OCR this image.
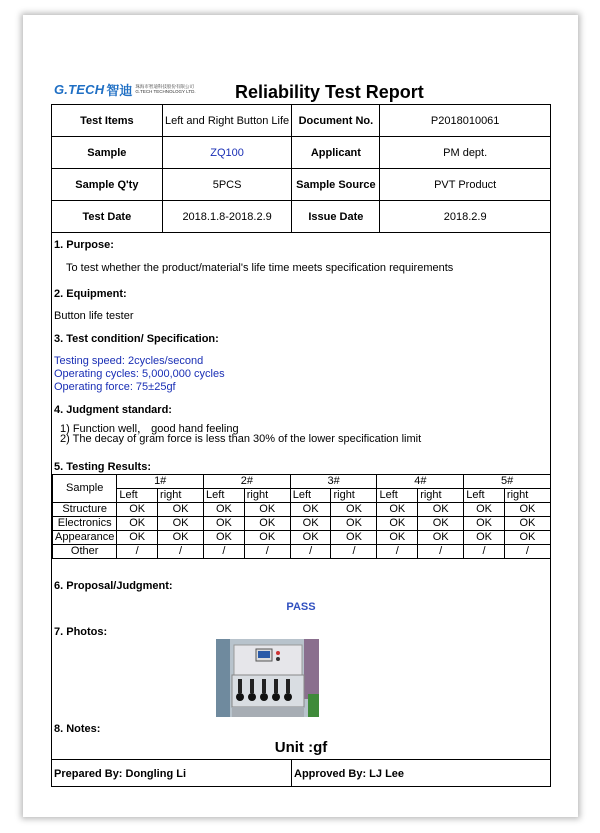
G.TECH 智迪 珠海市智迪科技股份有限公司
G.TECH TECHNOLOGY LTD. Reliability Test Report
Test Items	Left and Right Button Life	Document No.	P2018010061
Sample	ZQ100	Applicant	PM dept.
Sample Q'ty	5PCS	Sample Source	PVT Product
Test Date	2018.1.8-2018.2.9	Issue Date	2018.2.9
1. Purpose:
To test whether the product/material's life time meets specification requirements
2. Equipment:
Button life tester
3. Test condition/ Specification:
Testing speed: 2cycles/second
Operating cycles: 5,000,000 cycles
Operating force: 75±25gf
4. Judgment standard:
1) Function well， good hand feeling
2) The decay of gram force is less than 30% of the lower specification limit
5. Testing Results:
Sample	1#		2#		3#		4#		5#	
	Left	right	Left	right	Left	right	Left	right	Left	right
Structure	OK	OK	OK	OK	OK	OK	OK	OK	OK	OK
Electronics	OK	OK	OK	OK	OK	OK	OK	OK	OK	OK
Appearance	OK	OK	OK	OK	OK	OK	OK	OK	OK	OK
Other	/	/	/	/	/	/	/	/	/	/
6. Proposal/Judgment:
PASS
7. Photos:
8. Notes:
Unit :gf
Prepared By: Dongling Li	Approved By: LJ Lee
